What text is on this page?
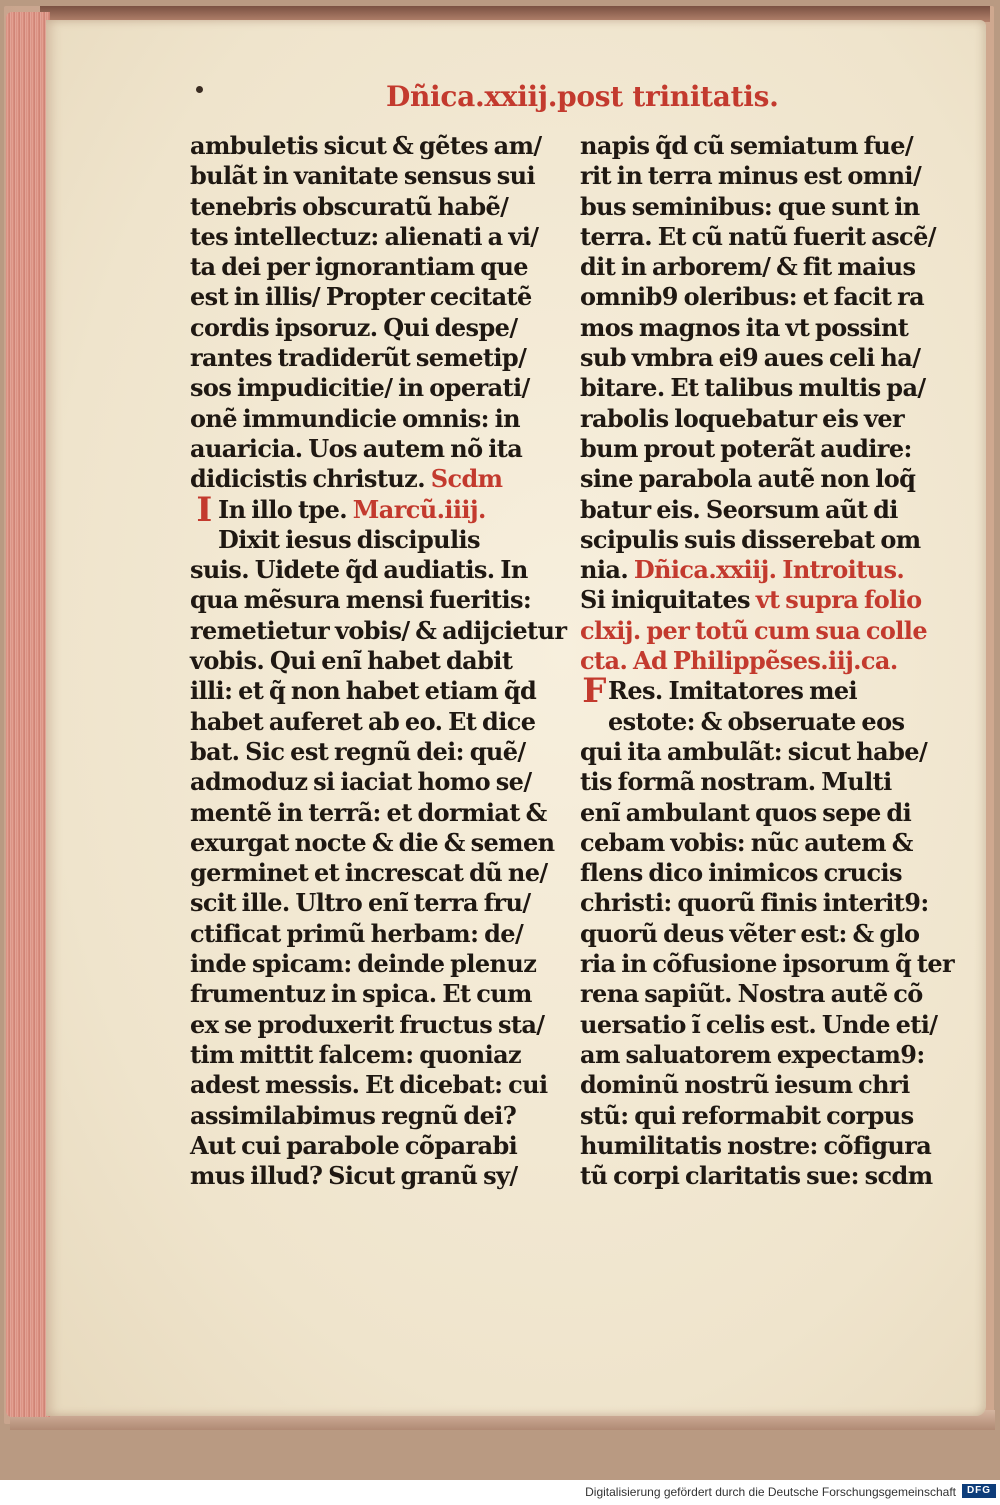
Dñica.xxiij.post trinitatis.
ambuletis sicut & gẽtes am/
bulãt in vanitate sensus sui
tenebris obscuratũ habẽ/
tes intellectuz: alienati a vi/
ta dei per ignorantiam que
est in illis/ Propter cecitatẽ
cordis ipsoruz. Qui despe/
rantes tradiderũt semetip/
sos impudicitie/ in operati/
onẽ immundicie omnis: in
auaricia. Uos autem nõ ita
didicistis christuz. Scdm
I In illo tpe. Marcũ.iiij.
Dixit iesus discipulis
suis. Uidete q̃d audiatis. In
qua mẽsura mensi fueritis:
remetietur vobis/ & adijcietur
vobis. Qui enĩ habet dabit
illi: et q̃ non habet etiam q̃d
habet auferet ab eo. Et dice
bat. Sic est regnũ dei: quẽ/
admoduz si iaciat homo se/
mentẽ in terrã: et dormiat &
exurgat nocte & die & semen
germinet et increscat dũ ne/
scit ille. Ultro enĩ terra fru/
ctificat primũ herbam: de/
inde spicam: deinde plenuz
frumentuz in spica. Et cum
ex se produxerit fructus sta/
tim mittit falcem: quoniaz
adest messis. Et dicebat: cui
assimilabimus regnũ dei?
Aut cui parabole cõparabi
mus illud? Sicut granũ sy/
napis q̃d cũ semiatum fue/
rit in terra minus est omni/
bus seminibus: que sunt in
terra. Et cũ natũ fuerit ascẽ/
dit in arborem/ & fit maius
omnib9 oleribus: et facit ra
mos magnos ita vt possint
sub vmbra ei9 aues celi ha/
bitare. Et talibus multis pa/
rabolis loquebatur eis ver
bum prout poterãt audire:
sine parabola autẽ non loq̃
batur eis. Seorsum aũt di
scipulis suis disserebat om
nia. Dñica.xxiij. Introitus.
Si iniquitates vt supra folio
clxij. per totũ cum sua colle
cta. Ad Philippẽses.iij.ca.
FRes. Imitatores mei
estote: & obseruate eos
qui ita ambulãt: sicut habe/
tis formã nostram. Multi
enĩ ambulant quos sepe di
cebam vobis: nũc autem &
flens dico inimicos crucis
christi: quorũ finis interit9:
quorũ deus vẽter est: & glo
ria in cõfusione ipsorum q̃ ter
rena sapiũt. Nostra autẽ cõ
uersatio ĩ celis est. Unde eti/
am saluatorem expectam9:
dominũ nostrũ iesum chri
stũ: qui reformabit corpus
humilitatis nostre: cõfigura
tũ corpi claritatis sue: scdm
Digitalisierung gefördert durch die Deutsche Forschungsgemeinschaft	DFG
